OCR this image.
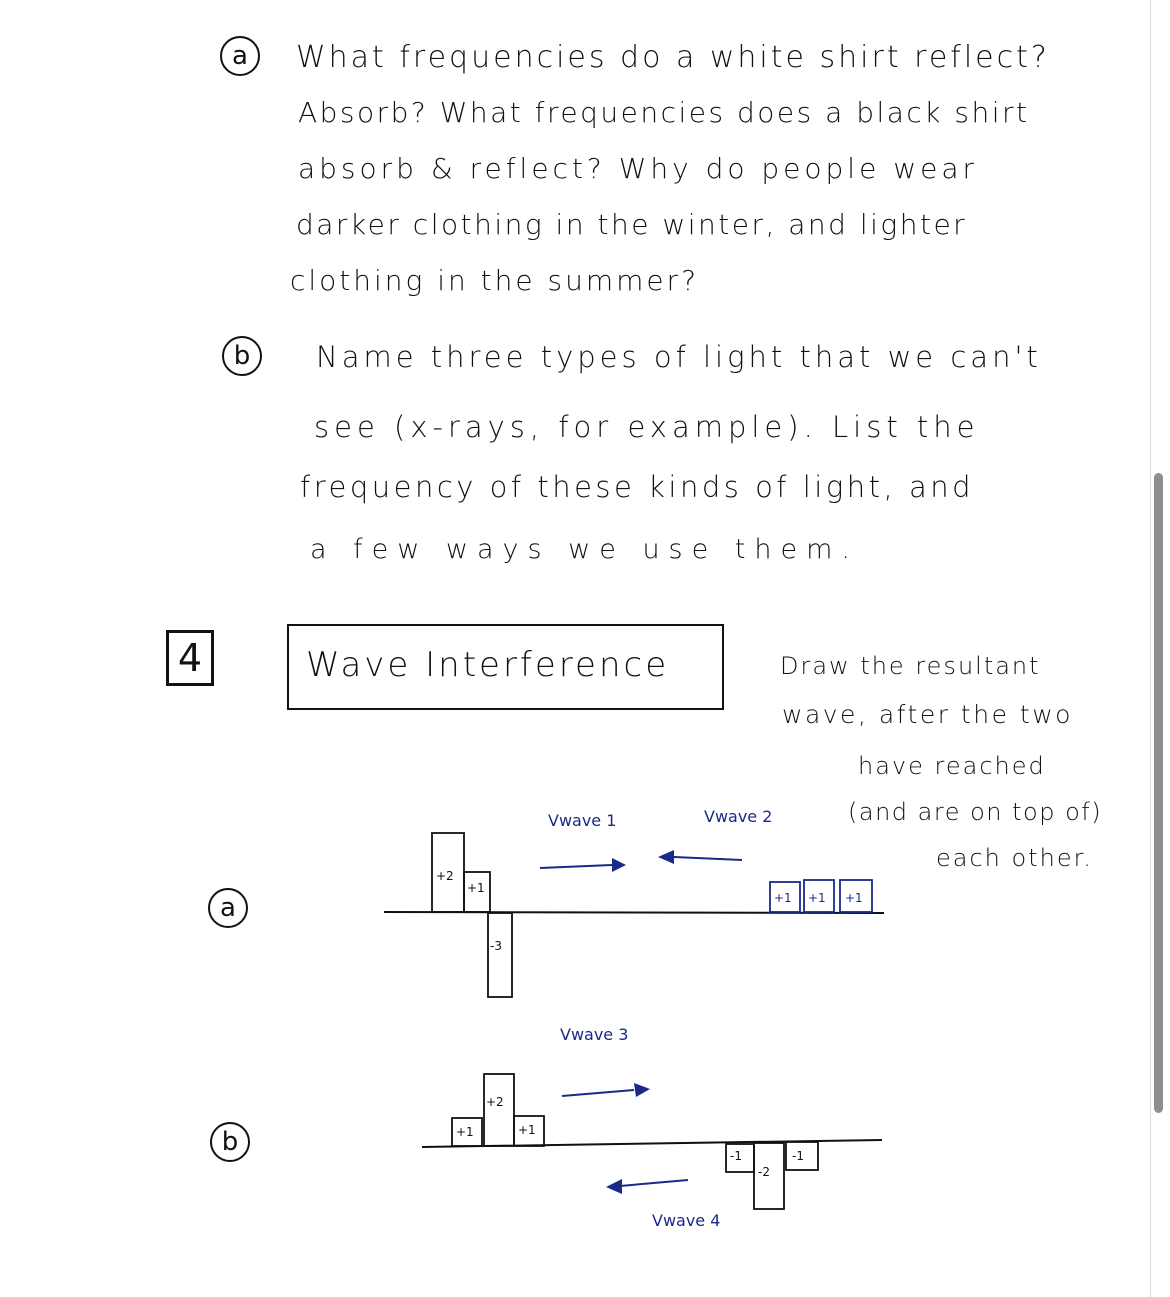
a	What frequencies do a white shirt reflect?
Absorb? What frequencies does a black shirt
absorb & reflect? Why do people wear
darker clothing in the winter, and lighter
clothing in the summer?
b	Name three types of light that we can't
see (x-rays, for example). List the
frequency of these kinds of light, and
a few ways we use them.
4	Wave Interference	Draw the resultant
wave, after the two
have reached
(and are on top of)
each other.
a
b
+2
+1
-3
+1 +1 +1
Vwave 1	Vwave 2
+1
+2
+1
-1
-2
-1
Vwave 3
Vwave 4
